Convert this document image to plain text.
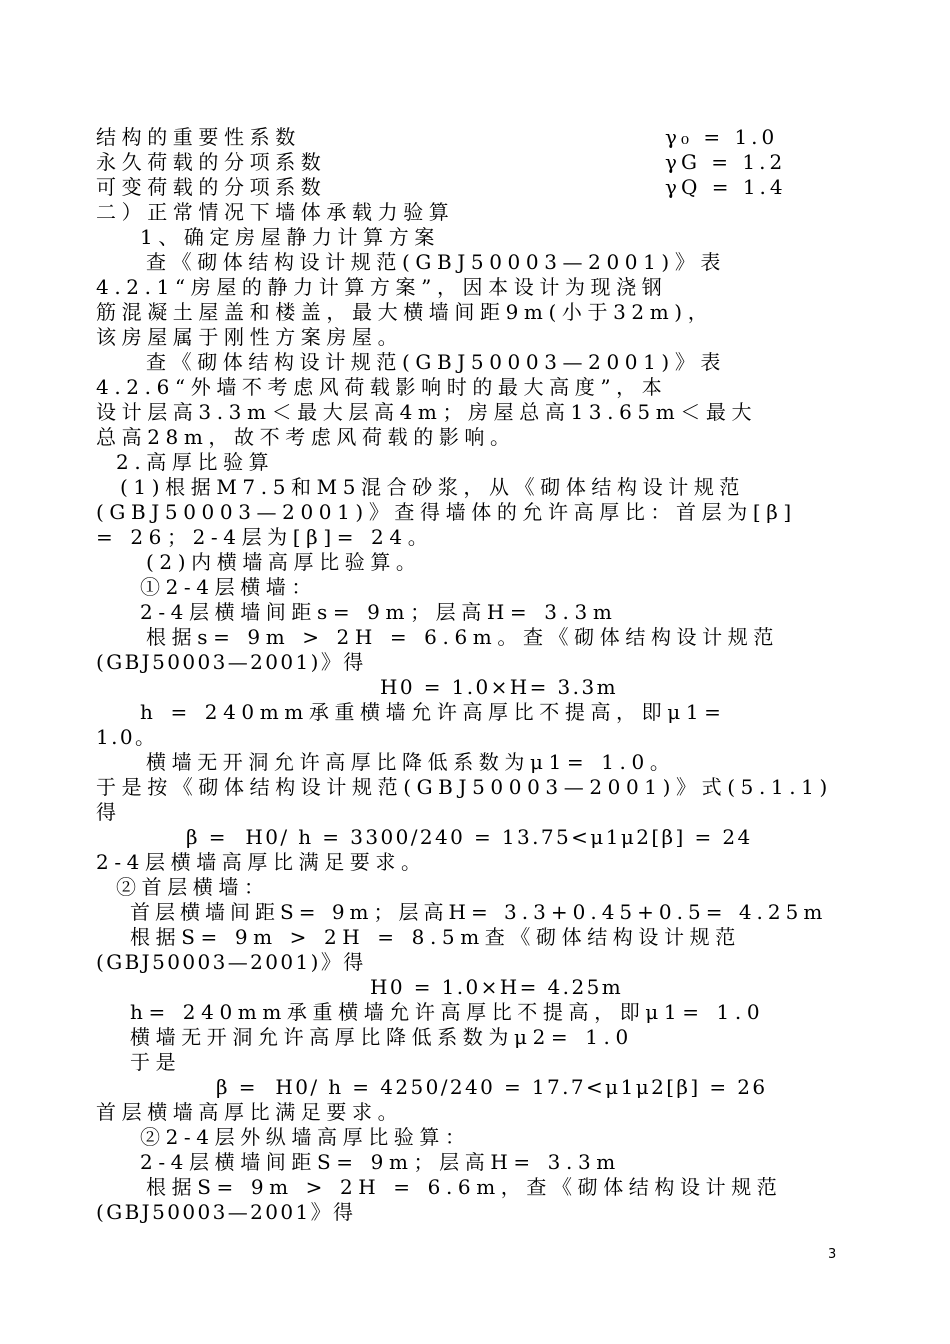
结构的重要性系数	γ₀ = 1.0
永久荷载的分项系数	γG = 1.2
可变荷载的分项系数	γQ = 1.4
二）正常情况下墙体承载力验算
1、确定房屋静力计算方案
查《砌体结构设计规范(GBJ50003—2001)》表
4.2.1“房屋的静力计算方案”，因本设计为现浇钢
筋混凝土屋盖和楼盖，最大横墙间距9m(小于32m)，
该房屋属于刚性方案房屋。
查《砌体结构设计规范(GBJ50003—2001)》表
4.2.6“外墙不考虑风荷载影响时的最大高度”，本
设计层高3.3m＜最大层高4m；房屋总高13.65m＜最大
总高28m，故不考虑风荷载的影响。
2.高厚比验算
(1)根据M7.5和M5混合砂浆，从《砌体结构设计规范
(GBJ50003—2001)》查得墙体的允许高厚比：首层为[β]
= 26；2-4层为[β]= 24。
(2)内横墙高厚比验算。
①2-4层横墙：
2-4层横墙间距s= 9m；层高H= 3.3m
根据s= 9m > 2H = 6.6m。查《砌体结构设计规范
(GBJ50003—2001)》得
H0 = 1.0×H= 3.3m
h = 240mm承重横墙允许高厚比不提高，即μ1=
1.0。
横墙无开洞允许高厚比降低系数为μ1= 1.0。
于是按《砌体结构设计规范(GBJ50003—2001)》式(5.1.1)
得
β =  H0/ h = 3300/240 = 13.75<μ1μ2[β] = 24
2-4层横墙高厚比满足要求。
②首层横墙：
首层横墙间距S= 9m；层高H= 3.3+0.45+0.5= 4.25m
根据S= 9m > 2H = 8.5m查《砌体结构设计规范
(GBJ50003—2001)》得
H0 = 1.0×H= 4.25m
h= 240mm承重横墙允许高厚比不提高，即μ1= 1.0
横墙无开洞允许高厚比降低系数为μ2= 1.0
于是
β =  H0/ h = 4250/240 = 17.7<μ1μ2[β] = 26
首层横墙高厚比满足要求。
②2-4层外纵墙高厚比验算：
2-4层横墙间距S= 9m；层高H= 3.3m
根据S= 9m > 2H = 6.6m，查《砌体结构设计规范
(GBJ50003—2001》得
3
